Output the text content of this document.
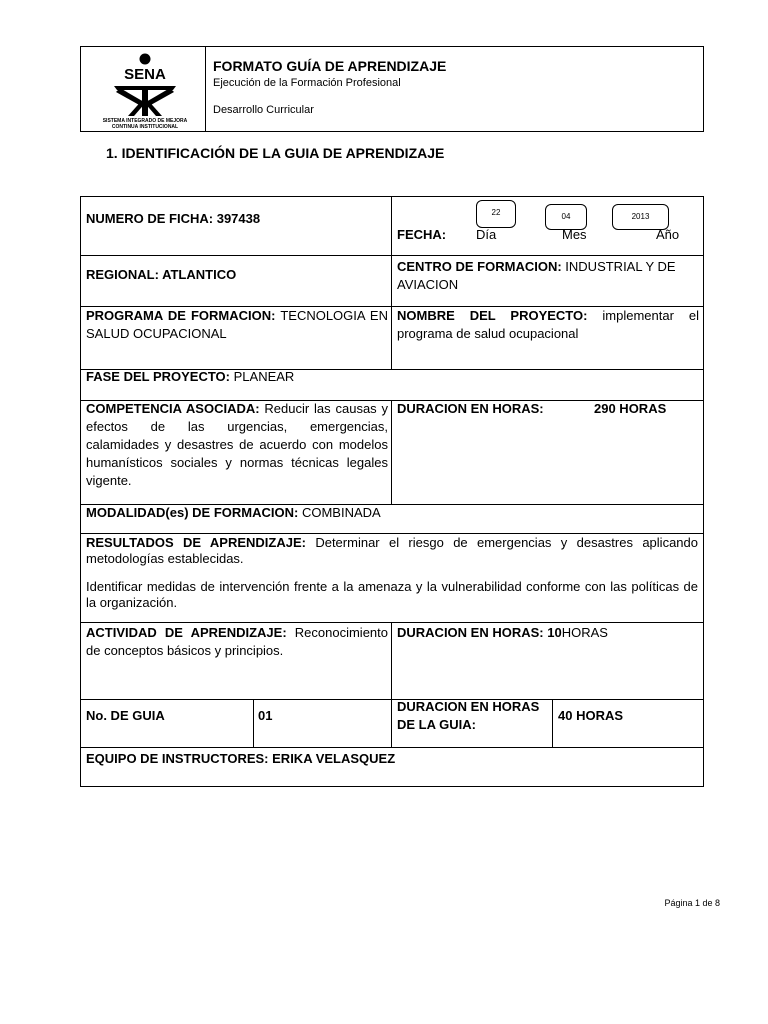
SENA
SISTEMA INTEGRADO DE MEJORA
CONTINUA INSTITUCIONAL
FORMATO GUÍA DE APRENDIZAJE
Ejecución de la Formación Profesional
Desarrollo Curricular
1. IDENTIFICACIÓN DE LA GUIA DE APRENDIZAJE
NUMERO DE FICHA: 397438
FECHA:
22	04	2013
Día	Mes	Año
REGIONAL: ATLANTICO
CENTRO DE FORMACION: INDUSTRIAL Y DE AVIACION
PROGRAMA DE FORMACION: TECNOLOGIA EN SALUD OCUPACIONAL
NOMBRE DEL PROYECTO: implementar el programa de salud ocupacional
FASE DEL PROYECTO: PLANEAR
COMPETENCIA ASOCIADA: Reducir las causas y efectos de las urgencias, emergencias, calamidades y desastres de acuerdo con modelos humanísticos sociales y normas técnicas legales vigente.
DURACION EN HORAS:	290 HORAS
MODALIDAD(es) DE FORMACION: COMBINADA
RESULTADOS DE APRENDIZAJE: Determinar el riesgo de emergencias y desastres aplicando metodologías establecidas.
Identificar medidas de intervención frente a la amenaza y la vulnerabilidad conforme con las políticas de la organización.
ACTIVIDAD DE APRENDIZAJE: Reconocimiento de conceptos básicos y principios.
DURACION EN HORAS: 10HORAS
No. DE GUIA	01
DURACION EN HORAS DE LA GUIA:
40 HORAS
EQUIPO DE INSTRUCTORES: ERIKA VELASQUEZ
Página 1 de 8
